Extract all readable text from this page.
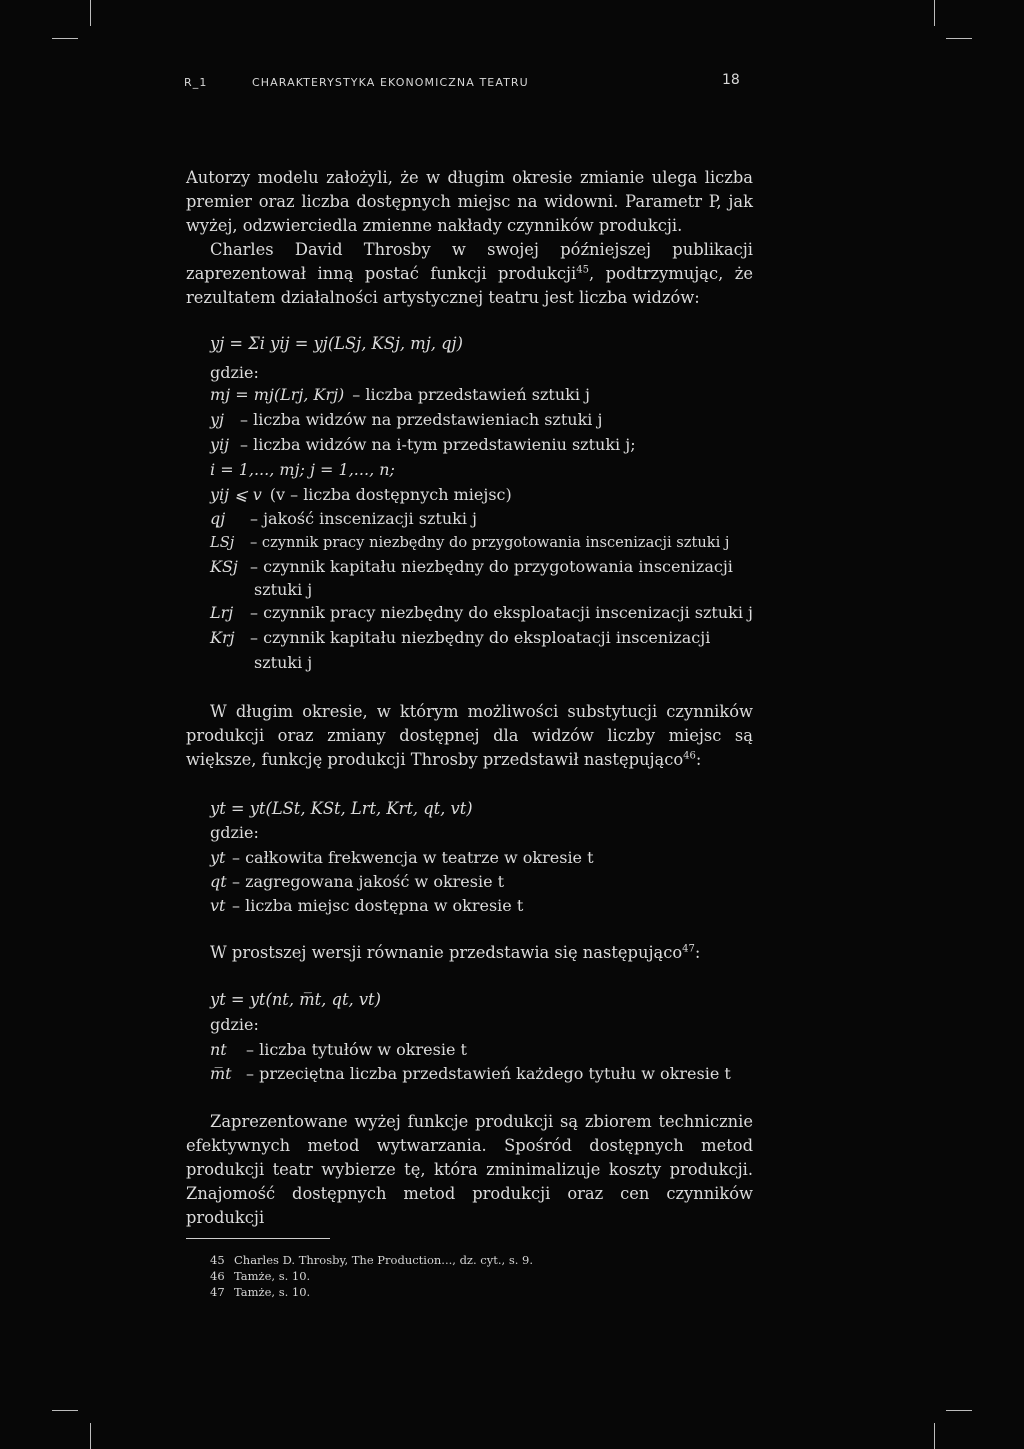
R_1	CHARAKTERYSTYKA EKONOMICZNA TEATRU	18

Autorzy modelu założyli, że w długim okresie zmianie ulega liczba premier oraz liczba dostępnych miejsc na widowni. Parametr P, jak wyżej, odzwierciedla zmienne nakłady czynników produkcji.

Charles David Throsby w swojej późniejszej publikacji zaprezentował inną postać funkcji produkcji$^{45}$, podtrzymując, że rezultatem działalności artystycznej teatru jest liczba widzów:

yj = Σi yij = yj(LSj, KSj, mj, qj)
gdzie:
mj = mj(Lrj, Krj) – liczba przedstawień sztuki j
yj – liczba widzów na przedstawieniach sztuki j
yij – liczba widzów na i-tym przedstawieniu sztuki j;
i = 1,..., mj; j = 1,..., n;
yij ⩽ v (v – liczba dostępnych miejsc)
qj – jakość inscenizacji sztuki j
LSj – czynnik pracy niezbędny do przygotowania inscenizacji sztuki j
KSj – czynnik kapitału niezbędny do przygotowania inscenizacji
sztuki j
Lrj – czynnik pracy niezbędny do eksploatacji inscenizacji sztuki j
Krj – czynnik kapitału niezbędny do eksploatacji inscenizacji
sztuki j

W długim okresie, w którym możliwości substytucji czynników produkcji oraz zmiany dostępnej dla widzów liczby miejsc są większe, funkcję produkcji Throsby przedstawił następująco$^{46}$:

yt = yt(LSt, KSt, Lrt, Krt, qt, vt)
gdzie:
yt – całkowita frekwencja w teatrze w okresie t
qt – zagregowana jakość w okresie t
vt – liczba miejsc dostępna w okresie t
W prostszej wersji równanie przedstawia się następująco$^{47}$:
yt = yt(nt, m̅t, qt, vt)
gdzie:
nt – liczba tytułów w okresie t
m̅t – przeciętna liczba przedstawień każdego tytułu w okresie t

Zaprezentowane wyżej funkcje produkcji są zbiorem technicznie efektywnych metod wytwarzania. Spośród dostępnych metod produkcji teatr wybierze tę, która zminimalizuje koszty produkcji. Znajomość dostępnych metod produkcji oraz cen czynników produkcji

45 Charles D. Throsby, The Production..., dz. cyt., s. 9.
46 Tamże, s. 10.
47 Tamże, s. 10.
